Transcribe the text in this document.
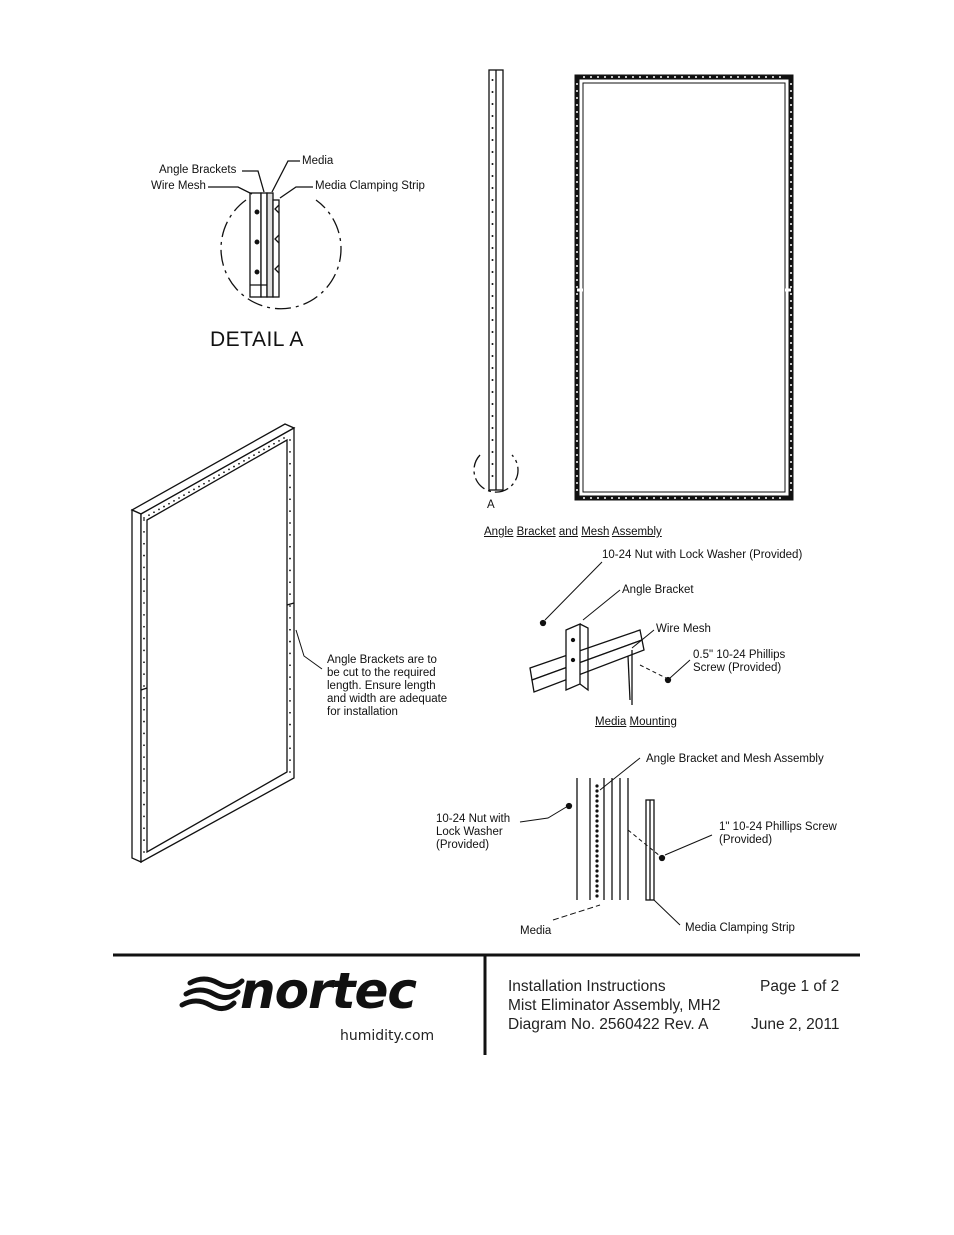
Angle Brackets
Wire Mesh
Media
Media Clamping Strip
DETAIL A
A
Angle Bracket and Mesh Assembly
10-24 Nut with Lock Washer (Provided)
Angle Bracket
Wire Mesh
0.5" 10-24 Phillips
Screw (Provided)
Media Mounting
Angle Brackets are to
be cut to the required
length. Ensure length
and width are adequate
for installation
Angle Bracket and Mesh Assembly
10-24 Nut with
Lock Washer
(Provided)
1" 10-24 Phillips Screw
(Provided)
Media	Media Clamping Strip
nortec
humidity.com
Installation Instructions	Page 1 of 2
Mist Eliminator Assembly, MH2
Diagram No. 2560422 Rev. A	June 2, 2011
